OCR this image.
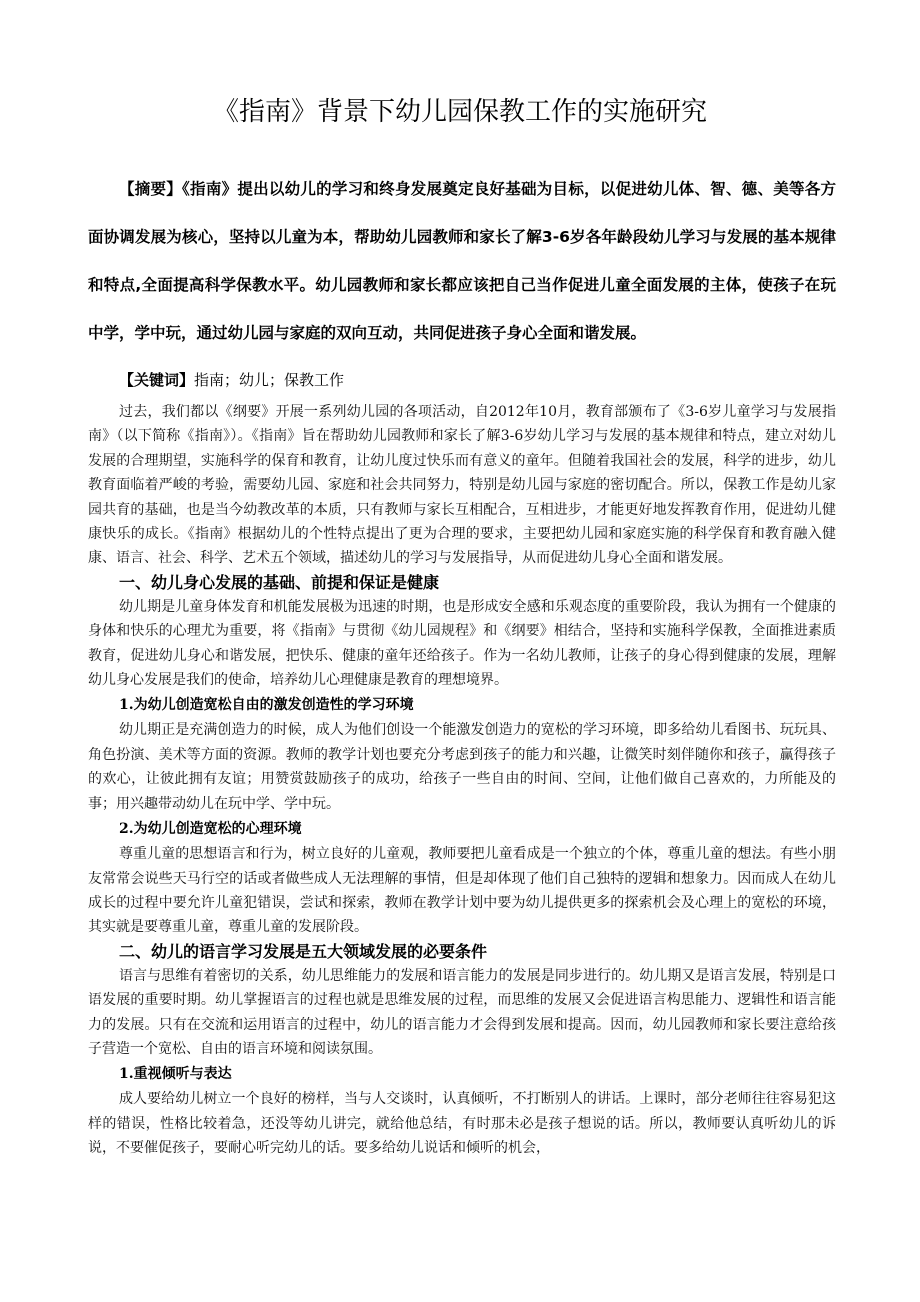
《指南》背景下幼儿园保教工作的实施研究

【摘要】《指南》提出以幼儿的学习和终身发展奠定良好基础为目标，以促进幼儿体、智、德、美等各方面协调发展为核心，坚持以儿童为本，帮助幼儿园教师和家长了解3-6岁各年龄段幼儿学习与发展的基本规律和特点,全面提高科学保教水平。幼儿园教师和家长都应该把自己当作促进儿童全面发展的主体，使孩子在玩中学，学中玩，通过幼儿园与家庭的双向互动，共同促进孩子身心全面和谐发展。

【关键词】指南；幼儿；保教工作

过去，我们都以《纲要》开展一系列幼儿园的各项活动，自2012年10月，教育部颁布了《3-6岁儿童学习与发展指南》（以下简称《指南》）。《指南》旨在帮助幼儿园教师和家长了解3-6岁幼儿学习与发展的基本规律和特点，建立对幼儿发展的合理期望，实施科学的保育和教育，让幼儿度过快乐而有意义的童年。但随着我国社会的发展，科学的进步，幼儿教育面临着严峻的考验，需要幼儿园、家庭和社会共同努力，特别是幼儿园与家庭的密切配合。所以，保教工作是幼儿家园共育的基础，也是当今幼教改革的本质，只有教师与家长互相配合，互相进步，才能更好地发挥教育作用，促进幼儿健康快乐的成长。《指南》根据幼儿的个性特点提出了更为合理的要求，主要把幼儿园和家庭实施的科学保育和教育融入健康、语言、社会、科学、艺术五个领域，描述幼儿的学习与发展指导，从而促进幼儿身心全面和谐发展。

一、幼儿身心发展的基础、前提和保证是健康

幼儿期是儿童身体发育和机能发展极为迅速的时期，也是形成安全感和乐观态度的重要阶段，我认为拥有一个健康的身体和快乐的心理尤为重要，将《指南》与贯彻《幼儿园规程》和《纲要》相结合，坚持和实施科学保教，全面推进素质教育，促进幼儿身心和谐发展，把快乐、健康的童年还给孩子。作为一名幼儿教师，让孩子的身心得到健康的发展，理解幼儿身心发展是我们的使命，培养幼儿心理健康是教育的理想境界。

1.为幼儿创造宽松自由的激发创造性的学习环境

幼儿期正是充满创造力的时候，成人为他们创设一个能激发创造力的宽松的学习环境，即多给幼儿看图书、玩玩具、角色扮演、美术等方面的资源。教师的教学计划也要充分考虑到孩子的能力和兴趣，让微笑时刻伴随你和孩子，赢得孩子的欢心，让彼此拥有友谊；用赞赏鼓励孩子的成功，给孩子一些自由的时间、空间，让他们做自己喜欢的，力所能及的事；用兴趣带动幼儿在玩中学、学中玩。

2.为幼儿创造宽松的心理环境

尊重儿童的思想语言和行为，树立良好的儿童观，教师要把儿童看成是一个独立的个体，尊重儿童的想法。有些小朋友常常会说些天马行空的话或者做些成人无法理解的事情，但是却体现了他们自己独特的逻辑和想象力。因而成人在幼儿成长的过程中要允许儿童犯错误，尝试和探索，教师在教学计划中要为幼儿提供更多的探索机会及心理上的宽松的环境，其实就是要尊重儿童，尊重儿童的发展阶段。

二、幼儿的语言学习发展是五大领域发展的必要条件

语言与思维有着密切的关系，幼儿思维能力的发展和语言能力的发展是同步进行的。幼儿期又是语言发展，特别是口语发展的重要时期。幼儿掌握语言的过程也就是思维发展的过程，而思维的发展又会促进语言构思能力、逻辑性和语言能力的发展。只有在交流和运用语言的过程中，幼儿的语言能力才会得到发展和提高。因而，幼儿园教师和家长要注意给孩子营造一个宽松、自由的语言环境和阅读氛围。

1.重视倾听与表达

成人要给幼儿树立一个良好的榜样，当与人交谈时，认真倾听，不打断别人的讲话。上课时，部分老师往往容易犯这样的错误，性格比较着急，还没等幼儿讲完，就给他总结，有时那未必是孩子想说的话。所以，教师要认真听幼儿的诉说，不要催促孩子，要耐心听完幼儿的话。要多给幼儿说话和倾听的机会，
